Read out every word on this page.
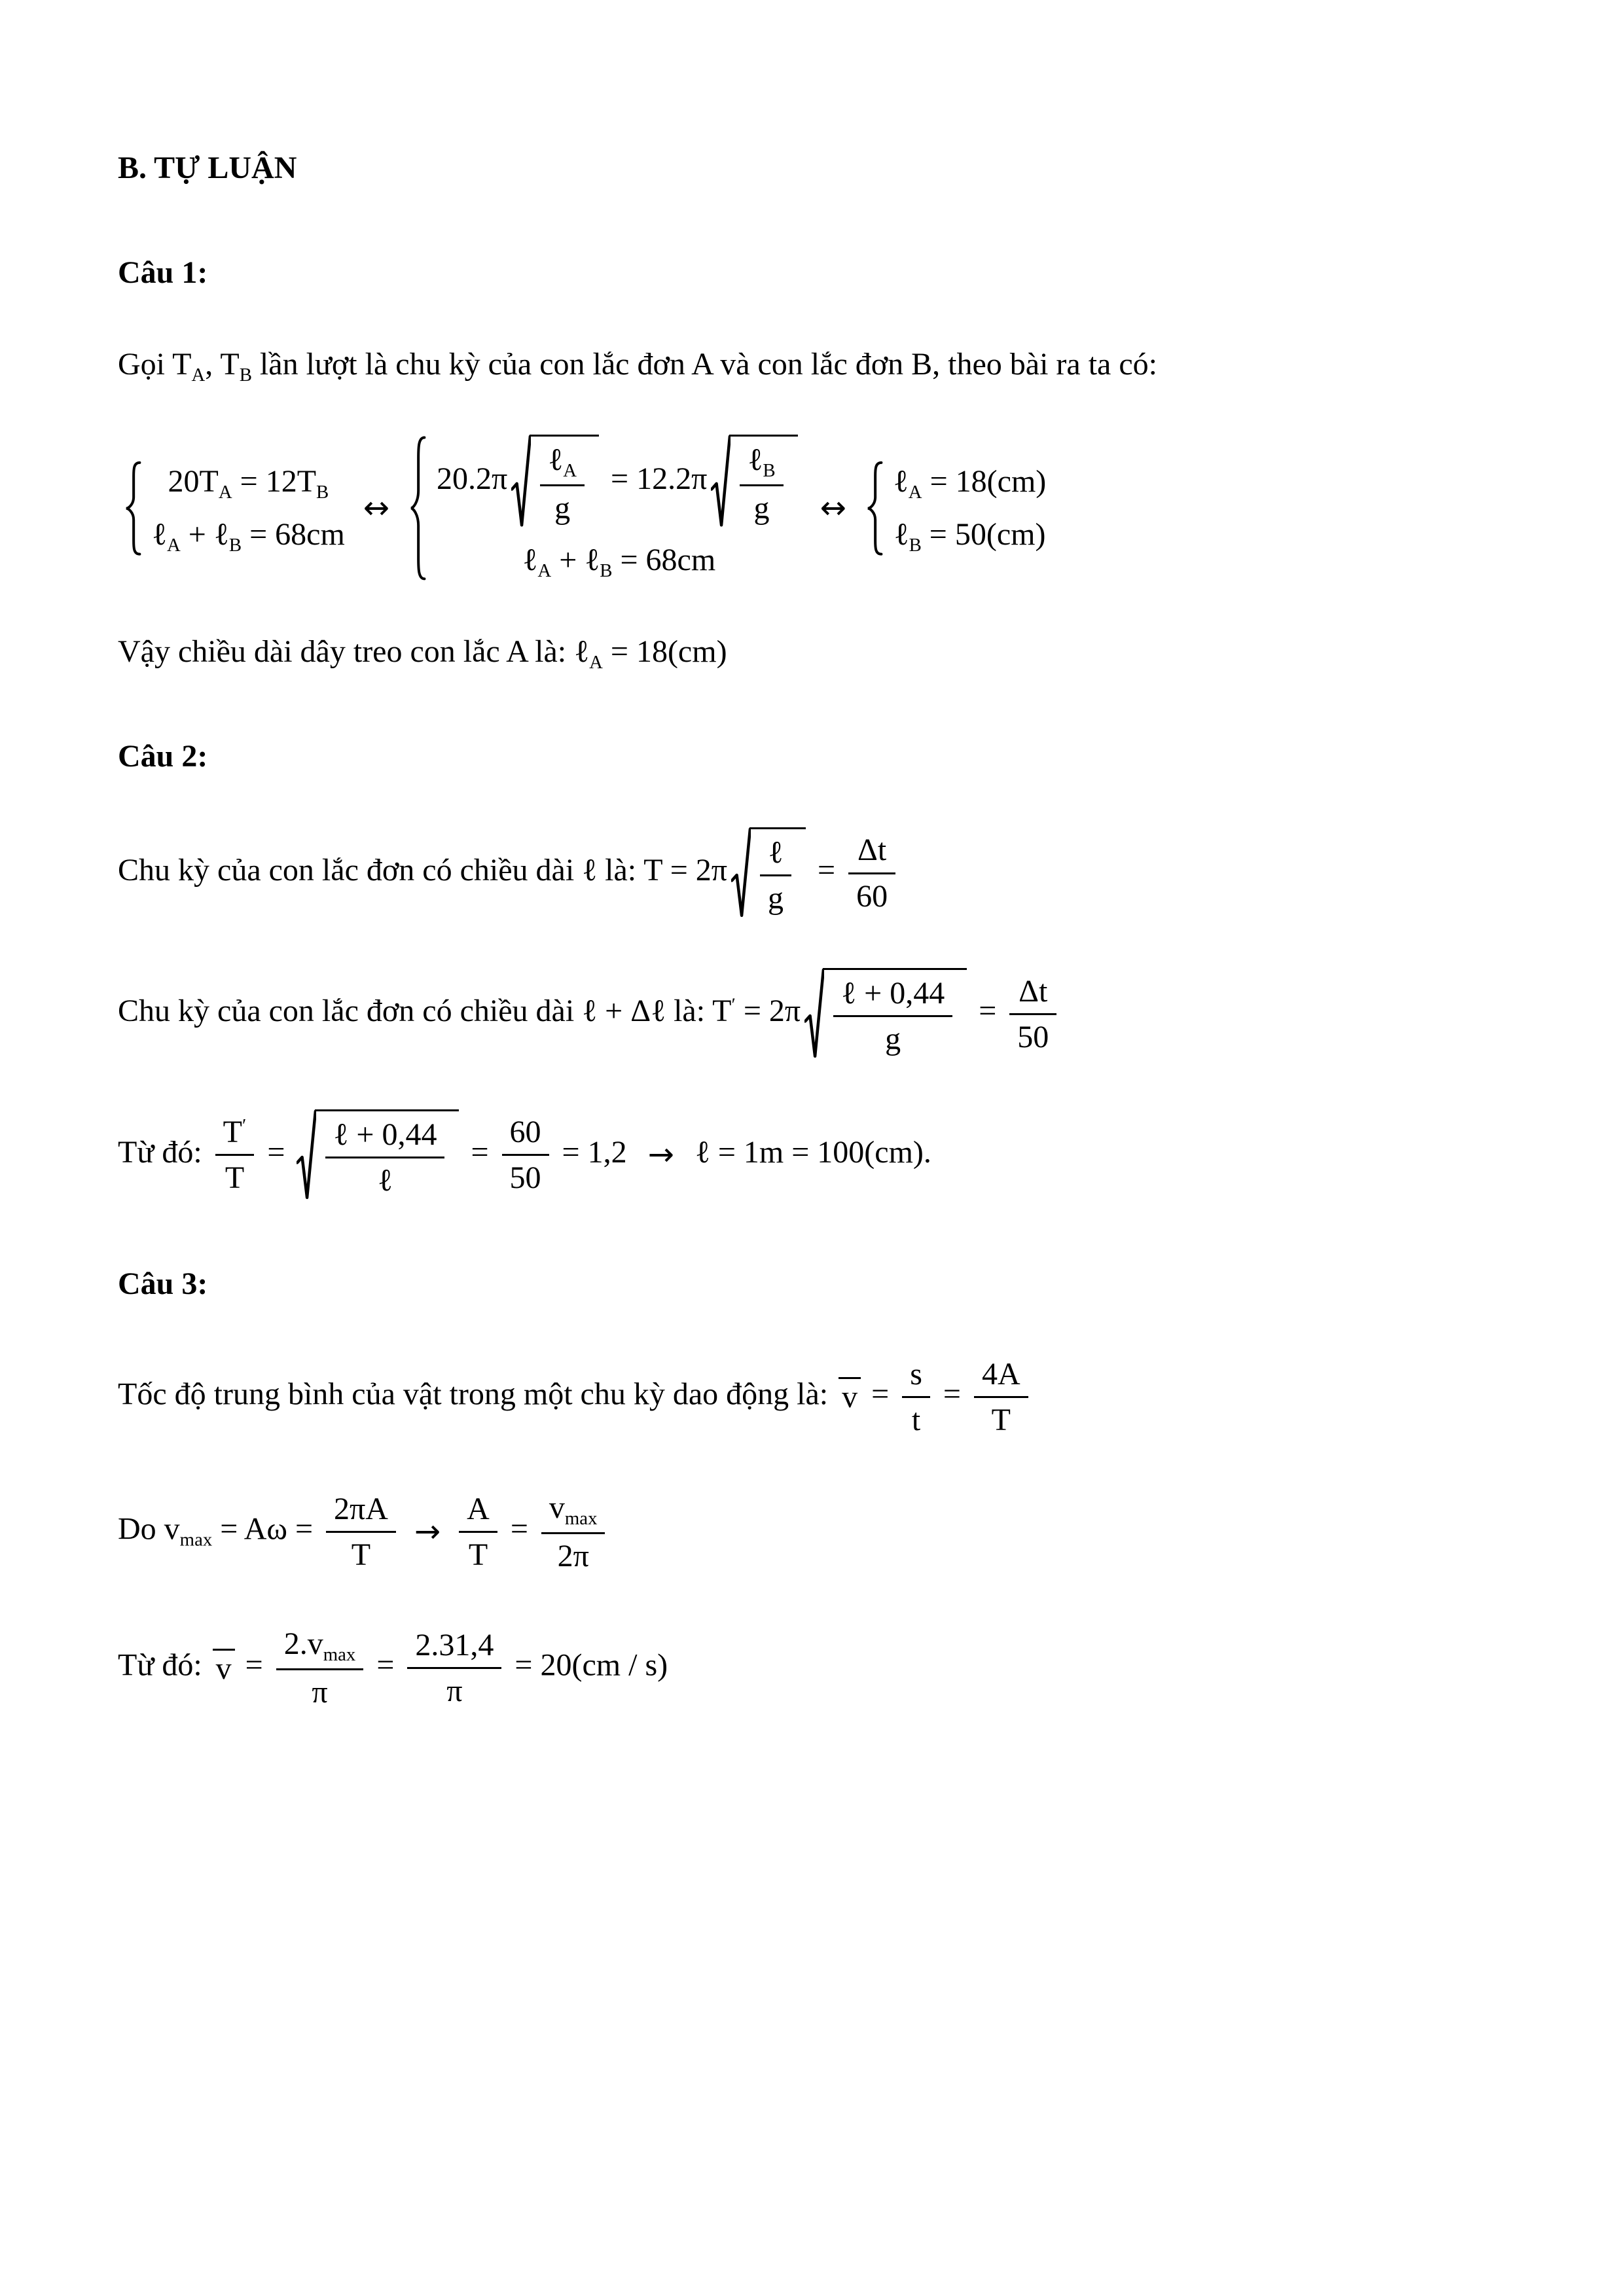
B. TỰ LUẬN

Câu 1:

Gọi $T_A$, $T_B$ lần lượt là chu kỳ của con lắc đơn A và con lắc đơn B, theo bài ra ta có:

$20T_A = 12T_B$
ℓ$_A$ + ℓ$_B$ = 68cm
↔
$20.2\pi \frac{\ell_A}{g} = 12.2\pi \frac{\ell_B}{g}$
ℓ$_A$ + ℓ$_B$ = 68cm
↔
ℓ$_A$ = 18(cm)
ℓ$_B$ = 50(cm)

Vậy chiều dài dây treo con lắc A là: ℓ$_A$ = 18(cm)

Câu 2:

Chu kỳ của con lắc đơn có chiều dài ℓ là: $T = 2\pi \frac{\text{ℓ}}{g} = \frac{\Delta t}{60}$

Chu kỳ của con lắc đơn có chiều dài ℓ + Δℓ là: $T' = 2\pi \frac{\text{ℓ + 0,44}}{g} = \frac{\Delta t}{50}$

Từ đó: $\frac{T'}{T} = \frac{\text{ℓ + 0,44}}{\text{ℓ}} = \frac{60}{50} = 1,2$ → ℓ = 1m = 100(cm).

Câu 3:

Tốc độ trung bình của vật trong một chu kỳ dao động là: $v = \frac{s}{t} = \frac{4A}{T}$

Do $v_{max} = A\omega = \frac{2\pi A}{T} \to \frac{A}{T} = \frac{v_{max}}{2\pi}$

Từ đó: $v = \frac{2.v_{max}}{\pi} = \frac{2.31,4}{\pi} = 20(cm / s)$
